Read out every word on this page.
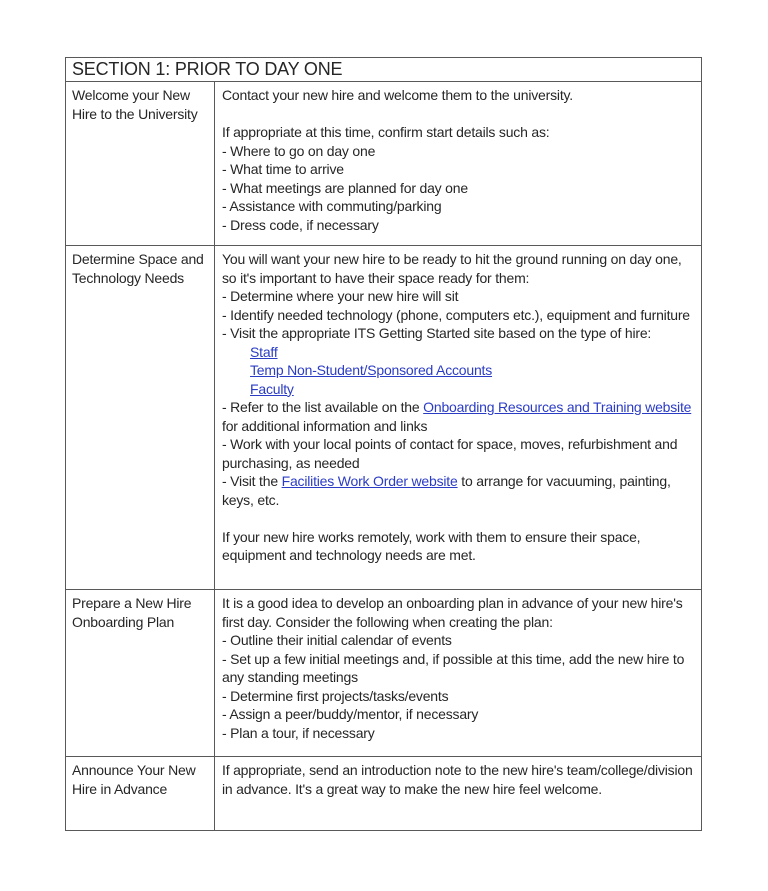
SECTION 1: PRIOR TO DAY ONE
Welcome your New Hire to the University
Contact your new hire and welcome them to the university.
If appropriate at this time, confirm start details such as:
- Where to go on day one
- What time to arrive
- What meetings are planned for day one
- Assistance with commuting/parking
- Dress code, if necessary
Determine Space and Technology Needs
You will want your new hire to be ready to hit the ground running on day one, so it's important to have their space ready for them:
- Determine where your new hire will sit
- Identify needed technology (phone, computers etc.), equipment and furniture
- Visit the appropriate ITS Getting Started site based on the type of hire:
Staff
Temp Non-Student/Sponsored Accounts
Faculty
- Refer to the list available on the Onboarding Resources and Training website for additional information and links
- Work with your local points of contact for space, moves, refurbishment and purchasing, as needed
- Visit the Facilities Work Order website to arrange for vacuuming, painting, keys, etc.
If your new hire works remotely, work with them to ensure their space, equipment and technology needs are met.
Prepare a New Hire Onboarding Plan
It is a good idea to develop an onboarding plan in advance of your new hire's first day. Consider the following when creating the plan:
- Outline their initial calendar of events
- Set up a few initial meetings and, if possible at this time, add the new hire to any standing meetings
- Determine first projects/tasks/events
- Assign a peer/buddy/mentor, if necessary
- Plan a tour, if necessary
Announce Your New Hire in Advance
If appropriate, send an introduction note to the new hire's team/college/division in advance. It's a great way to make the new hire feel welcome.
